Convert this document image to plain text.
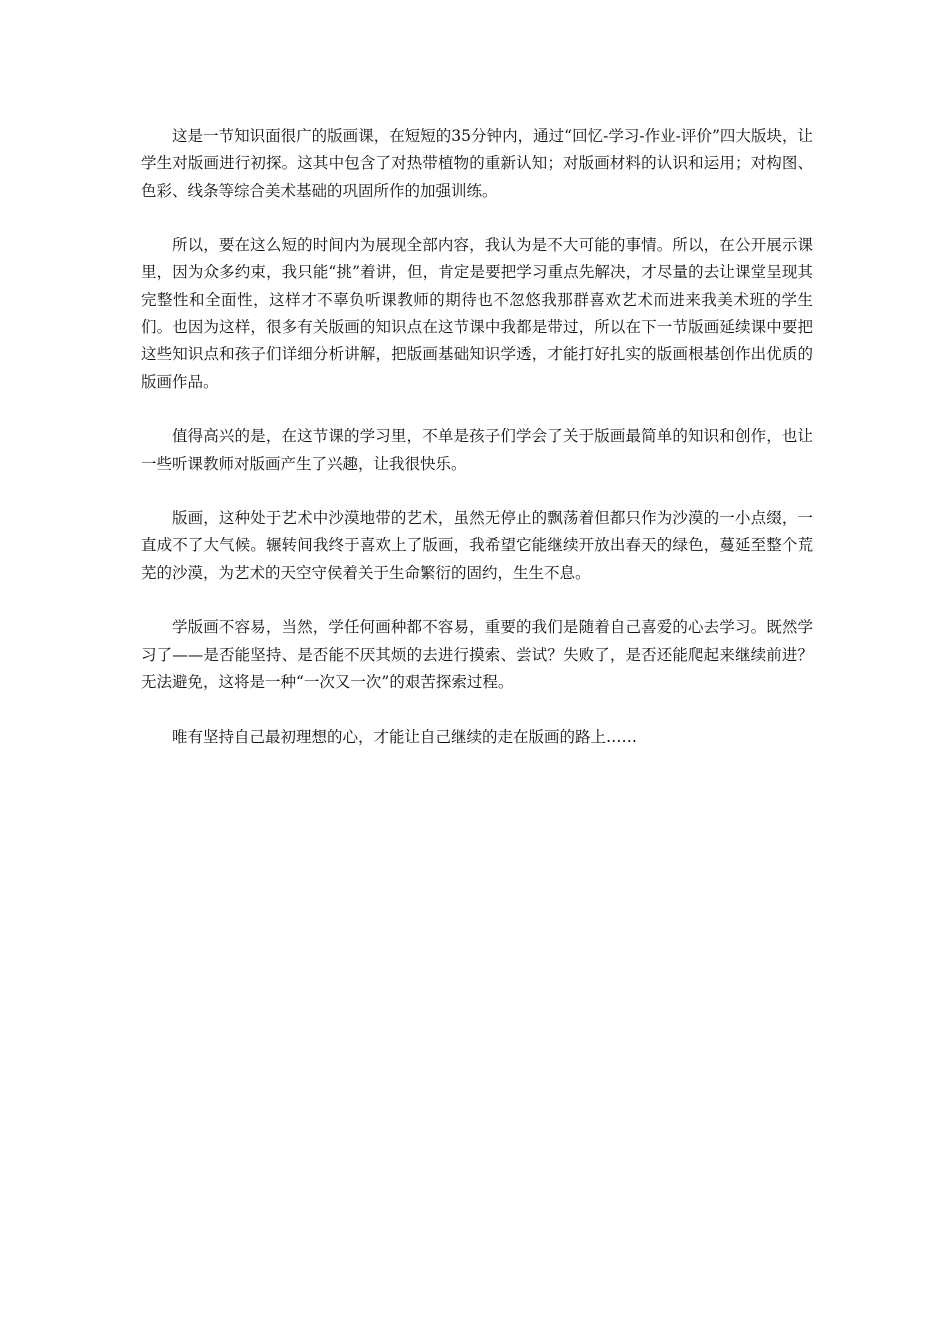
这是一节知识面很广的版画课，在短短的35分钟内，通过“回忆-学习-作业-评价”四大版块，让学生对版画进行初探。这其中包含了对热带植物的重新认知；对版画材料的认识和运用；对构图、色彩、线条等综合美术基础的巩固所作的加强训练。

所以，要在这么短的时间内为展现全部内容，我认为是不大可能的事情。所以，在公开展示课里，因为众多约束，我只能“挑”着讲，但，肯定是要把学习重点先解决，才尽量的去让课堂呈现其完整性和全面性，这样才不辜负听课教师的期待也不忽悠我那群喜欢艺术而进来我美术班的学生们。也因为这样，很多有关版画的知识点在这节课中我都是带过，所以在下一节版画延续课中要把这些知识点和孩子们详细分析讲解，把版画基础知识学透，才能打好扎实的版画根基创作出优质的版画作品。

值得高兴的是，在这节课的学习里，不单是孩子们学会了关于版画最简单的知识和创作，也让一些听课教师对版画产生了兴趣，让我很快乐。

版画，这种处于艺术中沙漠地带的艺术，虽然无停止的飘荡着但都只作为沙漠的一小点缀，一直成不了大气候。辗转间我终于喜欢上了版画，我希望它能继续开放出春天的绿色，蔓延至整个荒芜的沙漠，为艺术的天空守侯着关于生命繁衍的固约，生生不息。

学版画不容易，当然，学任何画种都不容易，重要的我们是随着自己喜爱的心去学习。既然学习了——是否能坚持、是否能不厌其烦的去进行摸索、尝试？失败了，是否还能爬起来继续前进？无法避免，这将是一种“一次又一次”的艰苦探索过程。

唯有坚持自己最初理想的心，才能让自己继续的走在版画的路上……
